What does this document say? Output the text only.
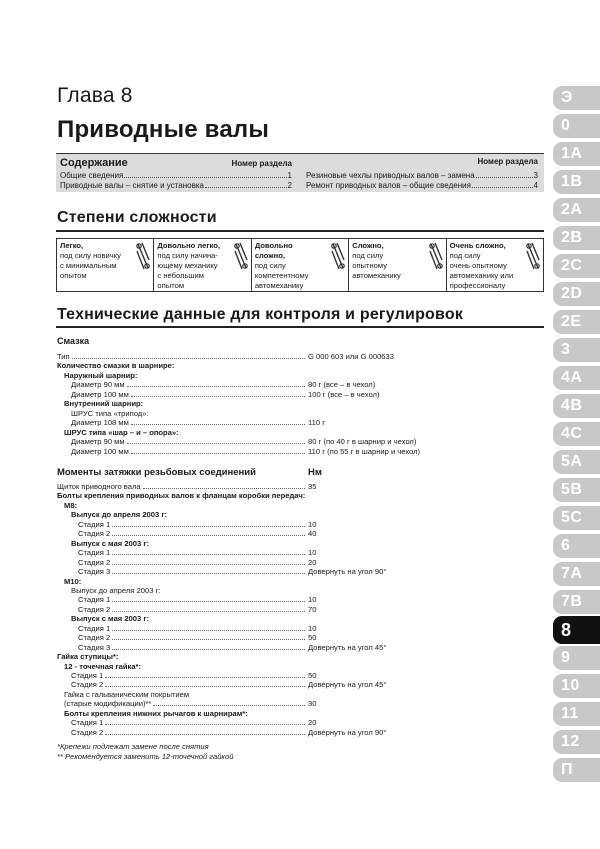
Глава 8
Приводные валы
Содержание	Номер раздела
Общие сведения	1
Приводные валы – снятие и установка	2
Номер раздела
Резиновые чехлы приводных валов – замена	3
Ремонт приводных валов – общие сведения	4
Степени сложности
Легко,
под силу новичку
с минимальным
опытом
Довольно легко,
под силу начина-
ющему механику
с небольшим
опытом
Довольно
сложно,
под силу
компетентному
автомеханику
Сложно,
под силу
опытному
автомеханику
Очень сложно,
под силу
очень опытному
автомеханику или
профессионалу
Технические данные для контроля и регулировок
Смазка
Тип	G 000 603 или G 000633
Количество смазки в шарнире:
Наружный шарнир:
Диаметр 90 мм	80 г (все – в чехол)
Диаметр 100 мм	100 г (все – в чехол)
Внутренний шарнир:
ШРУС типа «трипод»:
Диаметр 108 мм	110 г
ШРУС типа «шар – и – опора»:
Диаметр 90 мм	80 г (по 40 г в шарнир и чехол)
Диаметр 100 мм	110 г (по 55 г в шарнир и чехол)
Моменты затяжки резьбовых соединений	Нм
Щиток приводного вала	35
Болты крепления приводных валов к фланцам коробки передач:
M8:
Выпуск до апреля 2003 г:
Стадия 1	10
Стадия 2	40
Выпуск с мая 2003 г:
Стадия 1	10
Стадия 2	20
Стадия 3	Довернуть на угол 90°
M10:
Выпуск до апреля 2003 г:
Стадия 1	10
Стадия 2	70
Выпуск с мая 2003 г:
Стадия 1	10
Стадия 2	50
Стадия 3	Довернуть на угол 45°
Гайка ступицы*:
12 - точечная гайка*:
Стадия 1	50
Стадия 2	Довернуть на угол 45°
Гайка с гальваническим покрытием
(старые модификации)**	30
Болты крепления нижних рычагов к шарнирам*:
Стадия 1	20
Стадия 2	Довернуть на угол 90°
*Крепежи подлежат замене после снятия
** Рекомендуется заменить 12-точечной гайкой
Э
0
1A
1B
2A
2B
2C
2D
2E
3
4A
4B
4C
5A
5B
5C
6
7A
7B
8
9
10
11
12
П
